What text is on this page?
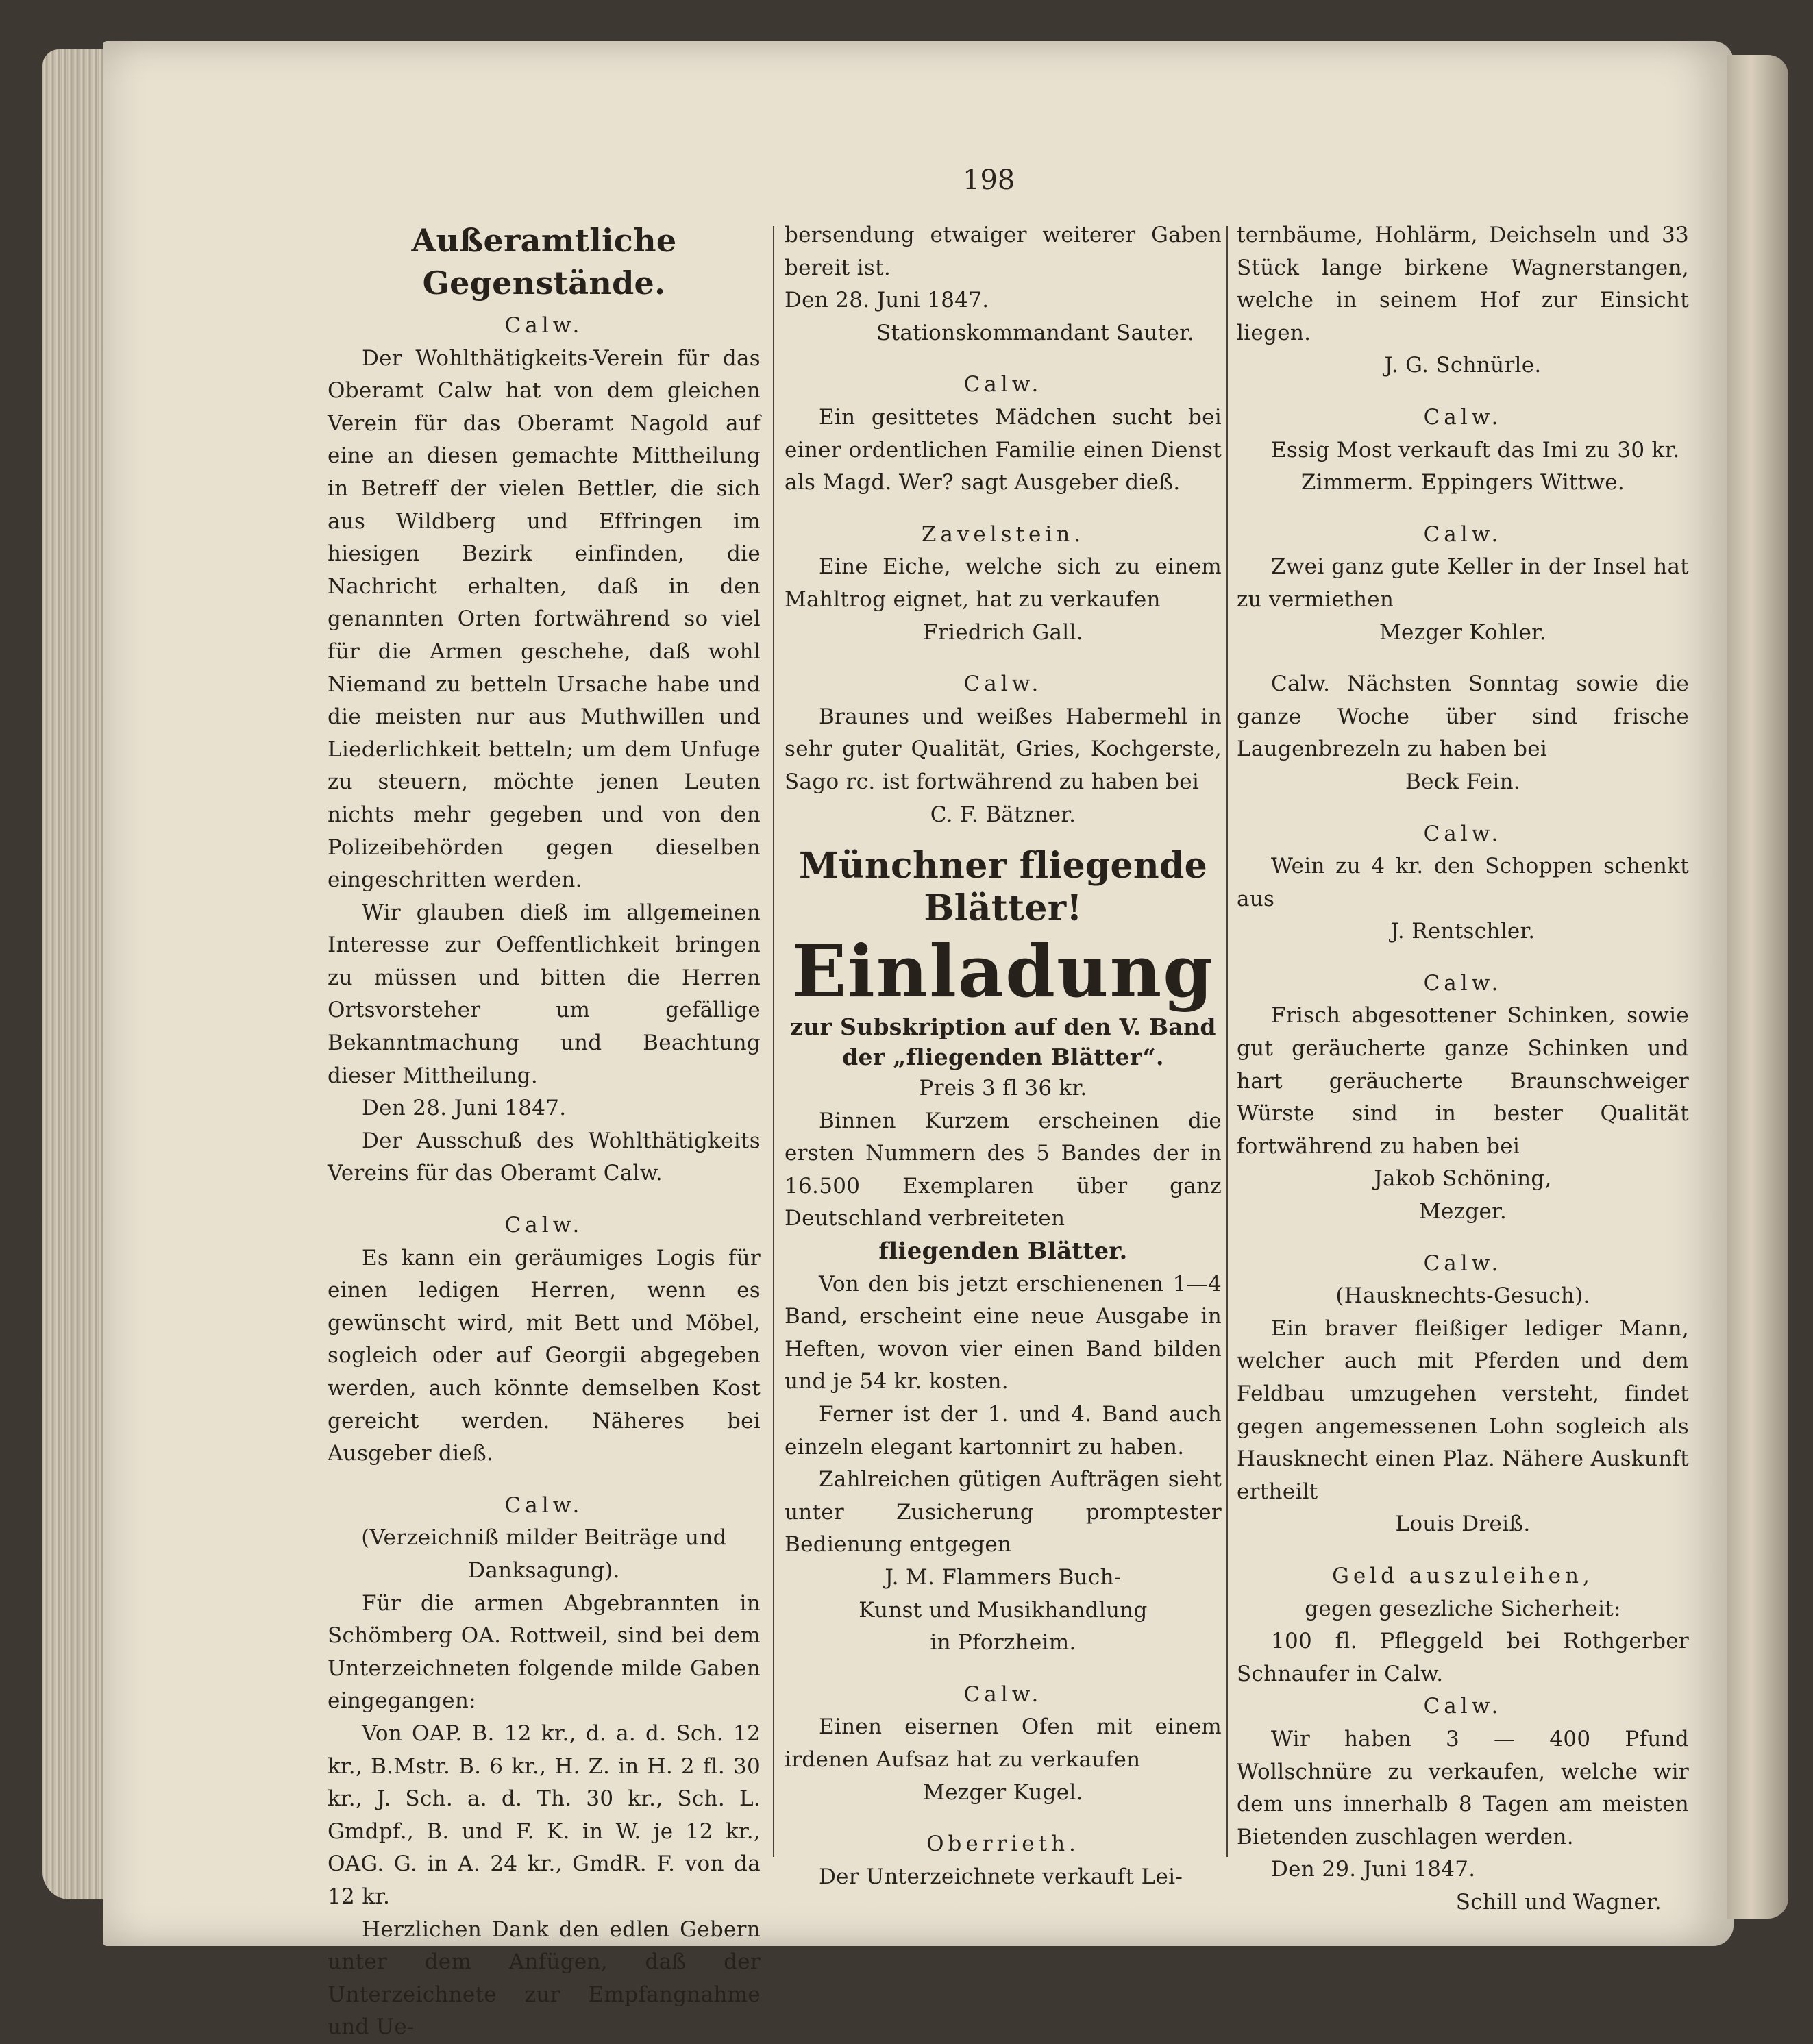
198

Außeramtliche Gegenstände.

Calw.

Der Wohlthätigkeits-Verein für das Oberamt Calw hat von dem gleichen Verein für das Oberamt Nagold auf eine an diesen gemachte Mittheilung in Betreff der vielen Bettler, die sich aus Wildberg und Effringen im hiesigen Bezirk einfinden, die Nachricht erhalten, daß in den genannten Orten fortwährend so viel für die Armen geschehe, daß wohl Niemand zu betteln Ursache habe und die meisten nur aus Muthwillen und Liederlichkeit betteln; um dem Unfuge zu steuern, möchte jenen Leuten nichts mehr gegeben und von den Polizeibehörden gegen dieselben eingeschritten werden.

Wir glauben dieß im allgemeinen Interesse zur Oeffentlichkeit bringen zu müssen und bitten die Herren Ortsvorsteher um gefällige Bekanntmachung und Beachtung dieser Mittheilung.

Den 28. Juni 1847.

Der Ausschuß des Wohlthätigkeits Vereins für das Oberamt Calw.

Calw.

Es kann ein geräumiges Logis für einen ledigen Herren, wenn es gewünscht wird, mit Bett und Möbel, sogleich oder auf Georgii abgegeben werden, auch könnte demselben Kost gereicht werden. Näheres bei Ausgeber dieß.

Calw.

(Verzeichniß milder Beiträge und Danksagung).

Für die armen Abgebrannten in Schömberg OA. Rottweil, sind bei dem Unterzeichneten folgende milde Gaben eingegangen:

Von OAP. B. 12 kr., d. a. d. Sch. 12 kr., B.Mstr. B. 6 kr., H. Z. in H. 2 fl. 30 kr., J. Sch. a. d. Th. 30 kr., Sch. L. Gmdpf., B. und F. K. in W. je 12 kr., OAG. G. in A. 24 kr., GmdR. F. von da 12 kr.

Herzlichen Dank den edlen Gebern unter dem Anfügen, daß der Unterzeichnete zur Empfangnahme und Ue-

bersendung etwaiger weiterer Gaben bereit ist.

Den 28. Juni 1847.

Stationskommandant Sauter.

Calw.

Ein gesittetes Mädchen sucht bei einer ordentlichen Familie einen Dienst als Magd. Wer? sagt Ausgeber dieß.

Zavelstein.

Eine Eiche, welche sich zu einem Mahltrog eignet, hat zu verkaufen

Friedrich Gall.

Calw.

Braunes und weißes Habermehl in sehr guter Qualität, Gries, Kochgerste, Sago rc. ist fortwährend zu haben bei

C. F. Bätzner.

Münchner fliegende Blätter!

Einladung

zur Subskription auf den V. Band der „fliegenden Blätter“.

Preis 3 fl 36 kr.

Binnen Kurzem erscheinen die ersten Nummern des 5 Bandes der in 16.500 Exemplaren über ganz Deutschland verbreiteten

fliegenden Blätter.

Von den bis jetzt erschienenen 1—4 Band, erscheint eine neue Ausgabe in Heften, wovon vier einen Band bilden und je 54 kr. kosten.

Ferner ist der 1. und 4. Band auch einzeln elegant kartonnirt zu haben.

Zahlreichen gütigen Aufträgen sieht unter Zusicherung promptester Bedienung entgegen

J. M. Flammers Buch-

Kunst und Musikhandlung

in Pforzheim.

Calw.

Einen eisernen Ofen mit einem irdenen Aufsaz hat zu verkaufen

Mezger Kugel.

Oberrieth.

Der Unterzeichnete verkauft Lei-

ternbäume, Hohlärm, Deichseln und 33 Stück lange birkene Wagnerstangen, welche in seinem Hof zur Einsicht liegen.

J. G. Schnürle.

Calw.

Essig Most verkauft das Imi zu 30 kr.

Zimmerm. Eppingers Wittwe.

Calw.

Zwei ganz gute Keller in der Insel hat zu vermiethen

Mezger Kohler.

Calw. Nächsten Sonntag sowie die ganze Woche über sind frische Laugenbrezeln zu haben bei

Beck Fein.

Calw.

Wein zu 4 kr. den Schoppen schenkt aus

J. Rentschler.

Calw.

Frisch abgesottener Schinken, sowie gut geräucherte ganze Schinken und hart geräucherte Braunschweiger Würste sind in bester Qualität fortwährend zu haben bei

Jakob Schöning,

Mezger.

Calw.

(Hausknechts-Gesuch).

Ein braver fleißiger lediger Mann, welcher auch mit Pferden und dem Feldbau umzugehen versteht, findet gegen angemessenen Lohn sogleich als Hausknecht einen Plaz. Nähere Auskunft ertheilt

Louis Dreiß.

Geld auszuleihen,

gegen gesezliche Sicherheit:

100 fl. Pfleggeld bei Rothgerber Schnaufer in Calw.

Calw.

Wir haben 3 — 400 Pfund Wollschnüre zu verkaufen, welche wir dem uns innerhalb 8 Tagen am meisten Bietenden zuschlagen werden.

Den 29. Juni 1847.

Schill und Wagner.
